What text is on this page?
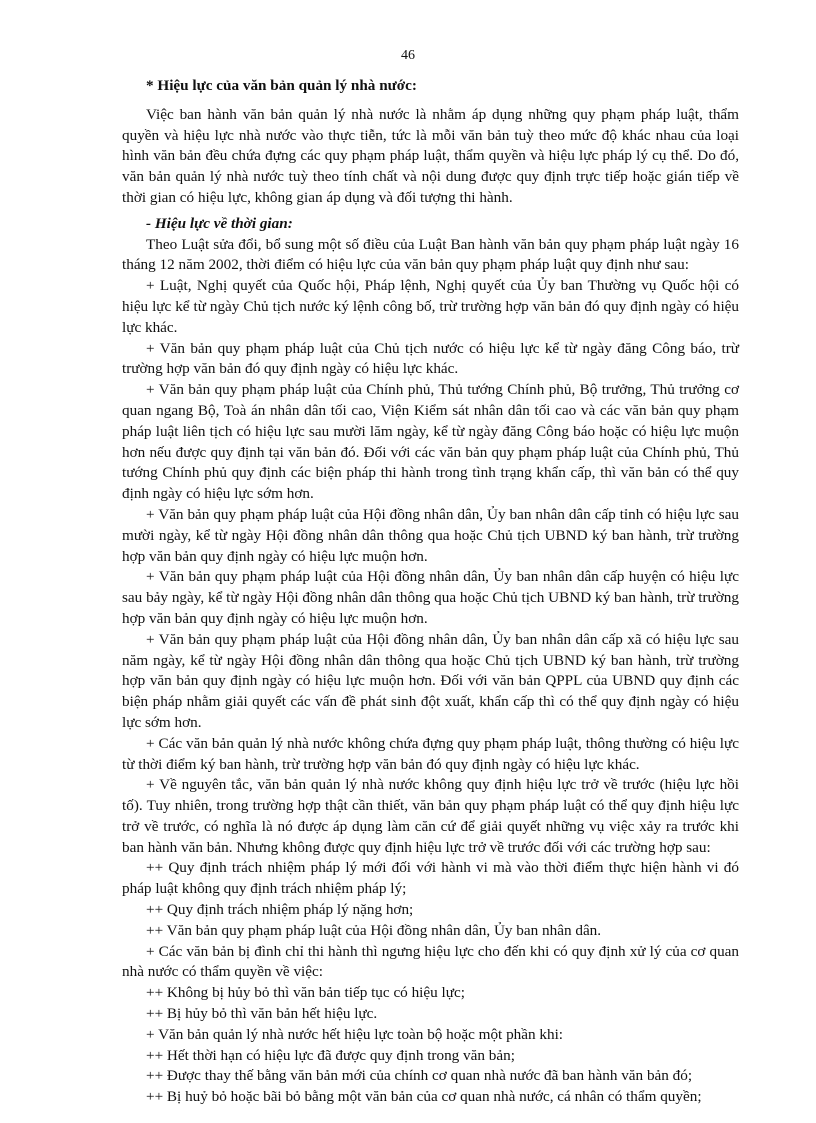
46

* Hiệu lực của văn bản quản lý nhà nước:

Việc ban hành văn bản quản lý nhà nước là nhằm áp dụng những quy phạm pháp luật, thẩm quyền và hiệu lực nhà nước vào thực tiễn, tức là mỗi văn bản tuỳ theo mức độ khác nhau của loại hình văn bản đều chứa đựng các quy phạm pháp luật, thẩm quyền và hiệu lực pháp lý cụ thể. Do đó, văn bản quản lý nhà nước tuỳ theo tính chất và nội dung được quy định trực tiếp hoặc gián tiếp về thời gian có hiệu lực, không gian áp dụng và đối tượng thi hành.

- Hiệu lực về thời gian:

Theo Luật sửa đổi, bổ sung một số điều của Luật Ban hành văn bản quy phạm pháp luật ngày 16 tháng 12 năm 2002, thời điểm có hiệu lực của văn bản quy phạm pháp luật quy định như sau:

+ Luật, Nghị quyết của Quốc hội, Pháp lệnh, Nghị quyết của Ủy ban Thường vụ Quốc hội có hiệu lực kể từ ngày Chủ tịch nước ký lệnh công bố, trừ trường hợp văn bản đó quy định ngày có hiệu lực khác.

+ Văn bản quy phạm pháp luật của Chủ tịch nước có hiệu lực kể từ ngày đăng Công báo, trừ trường hợp văn bản đó quy định ngày có hiệu lực khác.

+ Văn bản quy phạm pháp luật của Chính phủ, Thủ tướng Chính phủ, Bộ trưởng, Thủ trưởng cơ quan ngang Bộ, Toà án nhân dân tối cao, Viện Kiểm sát nhân dân tối cao và các văn bản quy phạm pháp luật liên tịch có hiệu lực sau mười lăm ngày, kể từ ngày đăng Công báo hoặc có hiệu lực muộn hơn nếu được quy định tại văn bản đó. Đối với các văn bản quy phạm pháp luật của Chính phủ, Thủ tướng Chính phủ quy định các biện pháp thi hành trong tình trạng khẩn cấp, thì văn bản có thể quy định ngày có hiệu lực sớm hơn.

+ Văn bản quy phạm pháp luật của Hội đồng nhân dân, Ủy ban nhân dân cấp tỉnh có hiệu lực sau mười ngày, kể từ ngày Hội đồng nhân dân thông qua hoặc Chủ tịch UBND ký ban hành, trừ trường hợp văn bản quy định ngày có hiệu lực muộn hơn.

+ Văn bản quy phạm pháp luật của Hội đồng nhân dân, Ủy ban nhân dân cấp huyện có hiệu lực sau bảy ngày, kể từ ngày Hội đồng nhân dân thông qua hoặc Chủ tịch UBND ký ban hành, trừ trường hợp văn bản quy định ngày có hiệu lực muộn hơn.

+ Văn bản quy phạm pháp luật của Hội đồng nhân dân, Ủy ban nhân dân cấp xã có hiệu lực sau năm ngày, kể từ ngày Hội đồng nhân dân thông qua hoặc Chủ tịch UBND ký ban hành, trừ trường hợp văn bản quy định ngày có hiệu lực muộn hơn. Đối với văn bản QPPL của UBND quy định các biện pháp nhằm giải quyết các vấn đề phát sinh đột xuất, khẩn cấp thì có thể quy định ngày có hiệu lực sớm hơn.

+ Các văn bản quản lý nhà nước không chứa đựng quy phạm pháp luật, thông thường có hiệu lực từ thời điểm ký ban hành, trừ trường hợp văn bản đó quy định ngày có hiệu lực khác.

+ Về nguyên tắc, văn bản quản lý nhà nước không quy định hiệu lực trở về trước (hiệu lực hồi tố). Tuy nhiên, trong trường hợp thật cần thiết, văn bản quy phạm pháp luật có thể quy định hiệu lực trở về trước, có nghĩa là nó được áp dụng làm căn cứ để giải quyết những vụ việc xảy ra trước khi ban hành văn bản. Nhưng không được quy định hiệu lực trở về trước đối với các trường hợp sau:

++ Quy định trách nhiệm pháp lý mới đối với hành vi mà vào thời điểm thực hiện hành vi đó pháp luật không quy định trách nhiệm pháp lý;

++ Quy định trách nhiệm pháp lý nặng hơn;

++ Văn bản quy phạm pháp luật của Hội đồng nhân dân, Ủy ban nhân dân.

+ Các văn bản bị đình chỉ thi hành thì ngưng hiệu lực cho đến khi có quy định xử lý của cơ quan nhà nước có thẩm quyền về việc:

++ Không bị hủy bỏ thì văn bản tiếp tục có hiệu lực;

++ Bị hủy bỏ thì văn bản hết hiệu lực.

+ Văn bản quản lý nhà nước hết hiệu lực toàn bộ hoặc một phần khi:

++ Hết thời hạn có hiệu lực đã được quy định trong văn bản;

++ Được thay thế bằng văn bản mới của chính cơ quan nhà nước đã ban hành văn bản đó;

++ Bị huỷ bỏ hoặc bãi bỏ bằng một văn bản của cơ quan nhà nước, cá nhân có thẩm quyền;
